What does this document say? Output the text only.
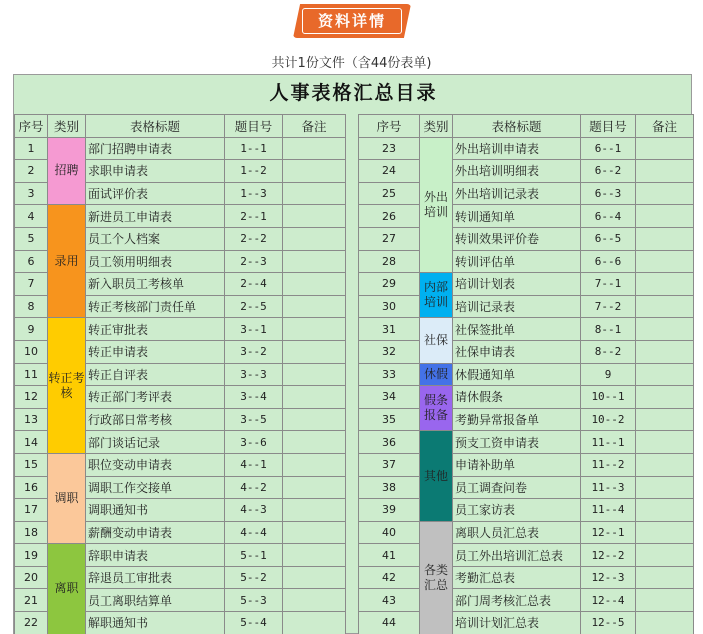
资料详情
共计1份文件（含44份表单)
人事表格汇总目录
序号	类别	表格标题	题目号	备注
1	招聘	部门招聘申请表	1--1	
2		求职申请表	1--2	
3		面试评价表	1--3	
4	录用	新进员工申请表	2--1	
5		员工个人档案	2--2	
6		员工领用明细表	2--3	
7		新入职员工考核单	2--4	
8		转正考核部门责任单	2--5	
9	转正考核	转正审批表	3--1	
10		转正申请表	3--2	
11		转正自评表	3--3	
12		转正部门考评表	3--4	
13		行政部日常考核	3--5	
14		部门谈话记录	3--6	
15	调职	职位变动申请表	4--1	
16		调职工作交接单	4--2	
17		调职通知书	4--3	
18		薪酬变动申请表	4--4	
19	离职	辞职申请表	5--1	
20		辞退员工审批表	5--2	
21		员工离职结算单	5--3	
22		解职通知书	5--4	
序号	类别	表格标题	题目号	备注
23	外出培训	外出培训申请表	6--1	
24		外出培训明细表	6--2	
25		外出培训记录表	6--3	
26		转训通知单	6--4	
27		转训效果评价卷	6--5	
28		转训评估单	6--6	
29	内部培训	培训计划表	7--1	
30		培训记录表	7--2	
31	社保	社保签批单	8--1	
32		社保申请表	8--2	
33	休假	休假通知单	9	
34	假条报备	请休假条	10--1	
35		考勤异常报备单	10--2	
36	其他	预支工资申请表	11--1	
37		申请补助单	11--2	
38		员工调查问卷	11--3	
39		员工家访表	11--4	
40	各类汇总	离职人员汇总表	12--1	
41		员工外出培训汇总表	12--2	
42		考勤汇总表	12--3	
43		部门周考核汇总表	12--4	
44		培训计划汇总表	12--5	
